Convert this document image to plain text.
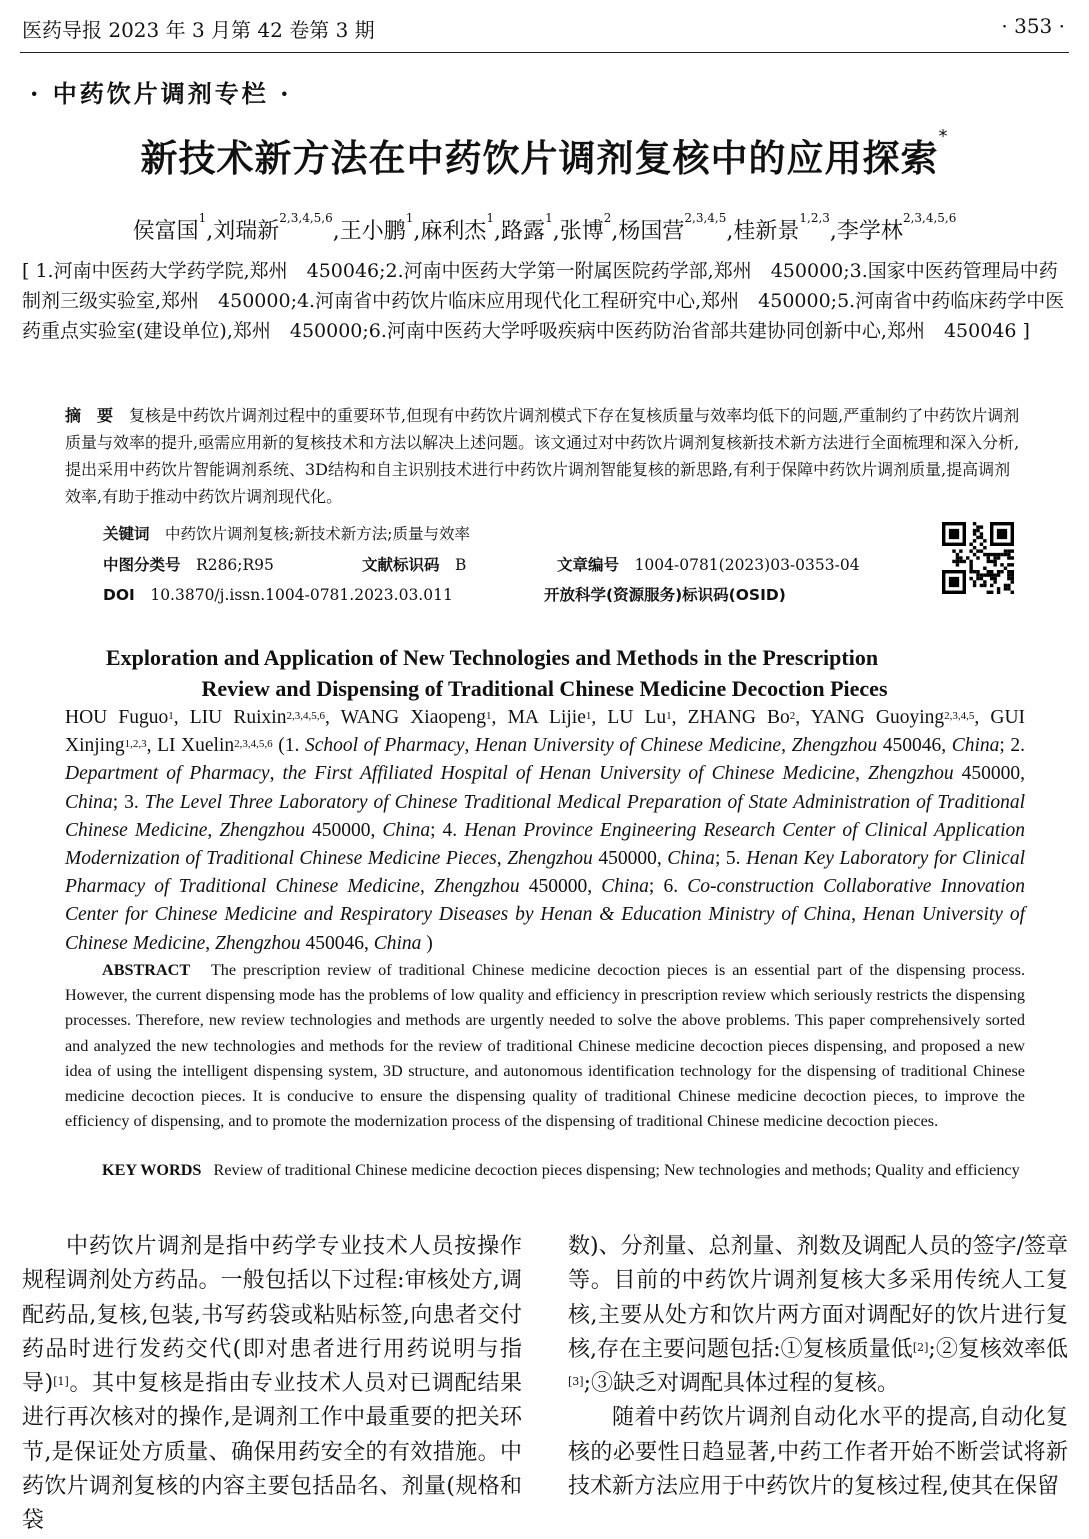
医药导报 2023 年 3 月第 42 卷第 3 期	· 353 ·
· 中药饮片调剂专栏 ·
新技术新方法在中药饮片调剂复核中的应用探索*
侯富国$^1$,刘瑞新$^{2,3,4,5,6}$,王小鹏$^1$,麻利杰$^1$,路露$^1$,张博$^2$,杨国营$^{2,3,4,5}$,桂新景$^{1,2,3}$,李学林$^{2,3,4,5,6}$
[ 1.河南中医药大学药学院,郑州　450046;2.河南中医药大学第一附属医院药学部,郑州　450000;3.国家中医药管理局中药制剂三级实验室,郑州　450000;4.河南省中药饮片临床应用现代化工程研究中心,郑州　450000;5.河南省中药临床药学中医药重点实验室(建设单位),郑州　450000;6.河南中医药大学呼吸疾病中医药防治省部共建协同创新中心,郑州　450046 ]
摘　要　 复核是中药饮片调剂过程中的重要环节,但现有中药饮片调剂模式下存在复核质量与效率均低下的问题,严重制约了中药饮片调剂质量与效率的提升,亟需应用新的复核技术和方法以解决上述问题。该文通过对中药饮片调剂复核新技术新方法进行全面梳理和深入分析,提出采用中药饮片智能调剂系统、3D结构和自主识别技术进行中药饮片调剂智能复核的新思路,有利于保障中药饮片调剂质量,提高调剂效率,有助于推动中药饮片调剂现代化。
关键词　 中药饮片调剂复核;新技术新方法;质量与效率
中图分类号　 R286;R95	文献标识码　 B	文章编号　 1004-0781(2023)03-0353-04
DOI　 10.3870/j.issn.1004-0781.2023.03.011	开放科学(资源服务)标识码(OSID)
Exploration and Application of New Technologies and Methods in the Prescription
Review and Dispensing of Traditional Chinese Medicine Decoction Pieces
HOU Fuguo$^1$, LIU Ruixin$^{2,3,4,5,6}$, WANG Xiaopeng$^1$, MA Lijie$^1$, LU Lu$^1$, ZHANG Bo$^2$, YANG Guoying$^{2,3,4,5}$, GUI Xinjing$^{1,2,3}$, LI Xuelin$^{2,3,4,5,6}$ (1. School of Pharmacy, Henan University of Chinese Medicine, Zhengzhou 450046, China; 2. Department of Pharmacy, the First Affiliated Hospital of Henan University of Chinese Medicine, Zhengzhou 450000, China; 3. The Level Three Laboratory of Chinese Traditional Medical Preparation of State Administration of Traditional Chinese Medicine, Zhengzhou 450000, China; 4. Henan Province Engineering Research Center of Clinical Application Modernization of Traditional Chinese Medicine Pieces, Zhengzhou 450000, China; 5. Henan Key Laboratory for Clinical Pharmacy of Traditional Chinese Medicine, Zhengzhou 450000, China; 6. Co-construction Collaborative Innovation Center for Chinese Medicine and Respiratory Diseases by Henan & Education Ministry of China, Henan University of Chinese Medicine, Zhengzhou 450046, China )
ABSTRACT The prescription review of traditional Chinese medicine decoction pieces is an essential part of the dispensing process. However, the current dispensing mode has the problems of low quality and efficiency in prescription review which seriously restricts the dispensing processes. Therefore, new review technologies and methods are urgently needed to solve the above problems. This paper comprehensively sorted and analyzed the new technologies and methods for the review of traditional Chinese medicine decoction pieces dispensing, and proposed a new idea of using the intelligent dispensing system, 3D structure, and autonomous identification technology for the dispensing of traditional Chinese medicine decoction pieces. It is conducive to ensure the dispensing quality of traditional Chinese medicine decoction pieces, to improve the efficiency of dispensing, and to promote the modernization process of the dispensing of traditional Chinese medicine decoction pieces.
KEY WORDS Review of traditional Chinese medicine decoction pieces dispensing; New technologies and methods; Quality and efficiency
中药饮片调剂是指中药学专业技术人员按操作规程调剂处方药品。一般包括以下过程:审核处方,调配药品,复核,包装,书写药袋或粘贴标签,向患者交付药品时进行发药交代(即对患者进行用药说明与指导)[1]。其中复核是指由专业技术人员对已调配结果进行再次核对的操作,是调剂工作中最重要的把关环节,是保证处方质量、确保用药安全的有效措施。中药饮片调剂复核的内容主要包括品名、剂量(规格和袋
数)、分剂量、总剂量、剂数及调配人员的签字/签章等。目前的中药饮片调剂复核大多采用传统人工复核,主要从处方和饮片两方面对调配好的饮片进行复核,存在主要问题包括:①复核质量低[2];②复核效率低[3];③缺乏对调配具体过程的复核。
随着中药饮片调剂自动化水平的提高,自动化复核的必要性日趋显著,中药工作者开始不断尝试将新技术新方法应用于中药饮片的复核过程,使其在保留
